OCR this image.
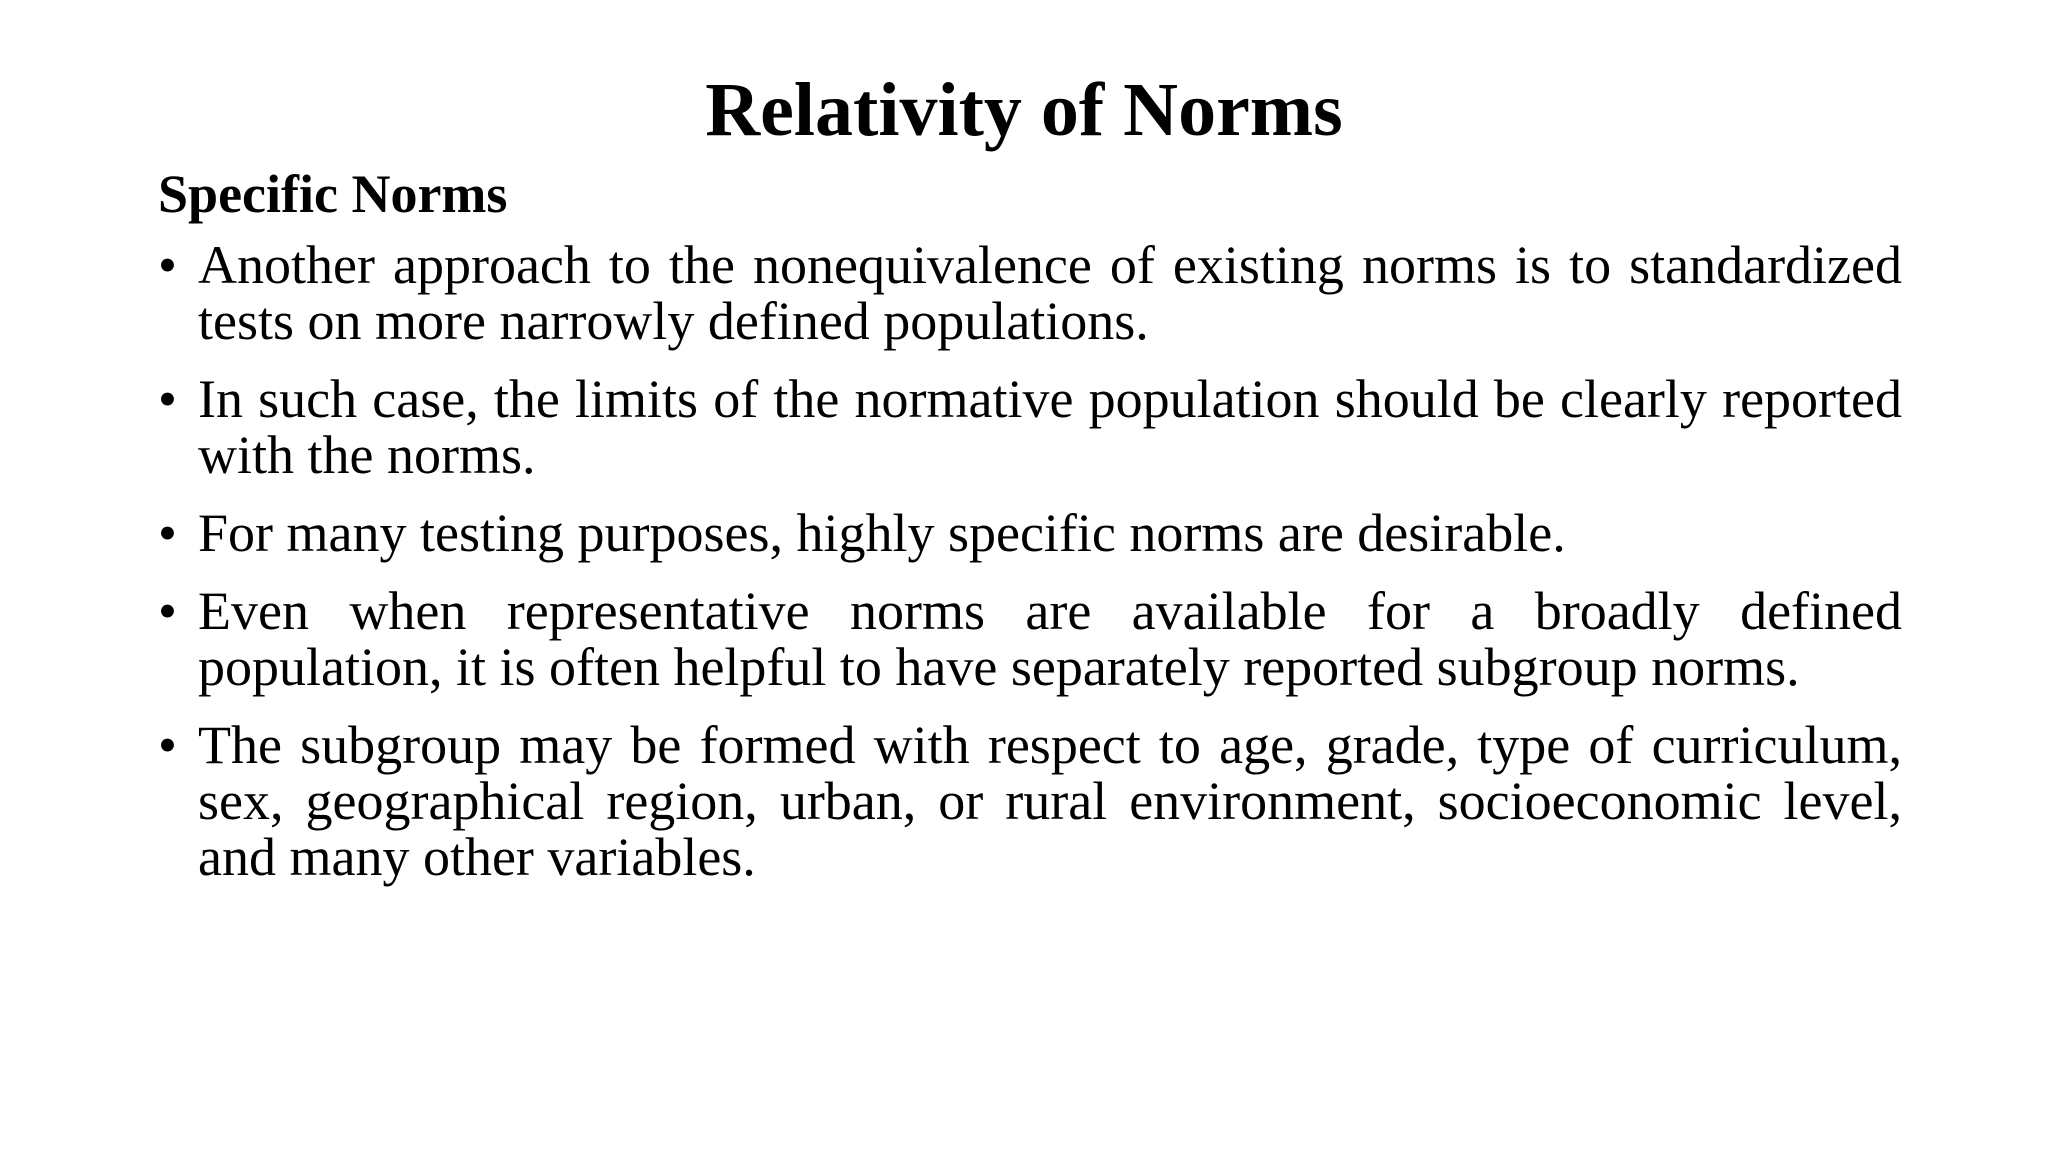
Relativity of Norms
Specific Norms
• Another approach to the nonequivalence of existing norms is to standardized tests on more narrowly defined populations.
• In such case, the limits of the normative population should be clearly reported with the norms.
• For many testing purposes, highly specific norms are desirable.
• Even when representative norms are available for a broadly defined population, it is often helpful to have separately reported subgroup norms.
• The subgroup may be formed with respect to age, grade, type of curriculum, sex, geographical region, urban, or rural environment, socioeconomic level, and many other variables.
